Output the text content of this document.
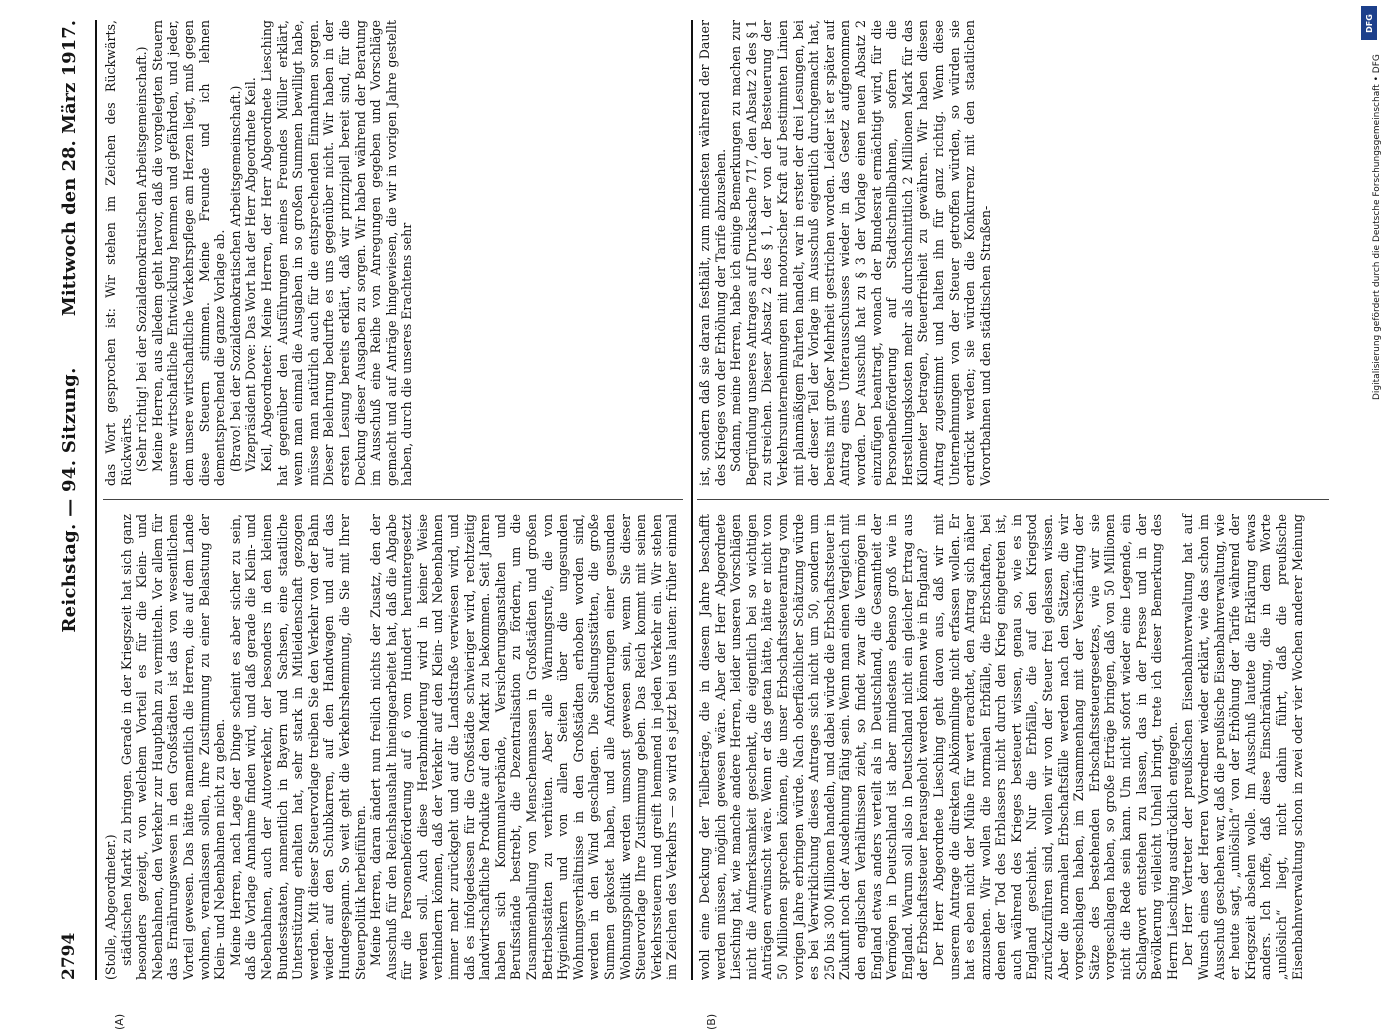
2794
Reichstag. — 94. Sitzung.
Mittwoch den 28. März 1917.
(A)	(B)

(Stolle, Abgeordneter.) städtischen Markt zu bringen. Gerade in der Kriegszeit hat sich ganz besonders gezeigt, von welchem Vorteil es für die Klein- und Nebenbahnen, den Verkehr zur Hauptbahn zu vermitteln. Vor allem für das Ernährungswesen in den Großstädten ist das von wesentlichem Vorteil gewesen. Das hätte namentlich die Herren, die auf dem Lande wohnen, veranlassen sollen, ihre Zustimmung zu einer Belastung der Klein- und Nebenbahnen nicht zu geben. Meine Herren, nach Lage der Dinge scheint es aber sicher zu sein, daß die Vorlage Annahme finden wird, und daß gerade die Klein- und Nebenbahnen, auch der Autoverkehr, der besonders in den kleinen Bundesstaaten, namentlich in Bayern und Sachsen, eine staatliche Unterstützung erhalten hat, sehr stark in Mitleidenschaft gezogen werden. Mit dieser Steuervorlage treiben Sie den Verkehr von der Bahn wieder auf den Schubkarren, auf den Handwagen und auf das Hundegespann. So weit geht die Verkehrshemmung, die Sie mit Ihrer Steuerpolitik herbeiführen. Meine Herren, daran ändert nun freilich nichts der Zusatz, den der Ausschuß für den Reichshaushalt hineingearbeitet hat, daß die Abgabe für die Personenbeförderung auf 6 vom Hundert heruntergesetzt werden soll. Auch diese Herabminderung wird in keiner Weise verhindern können, daß der Verkehr auf den Klein- und Nebenbahnen immer mehr zurückgeht und auf die Landstraße verwiesen wird, und daß es infolgedessen für die Großstädte schwieriger wird, rechtzeitig landwirtschaftliche Produkte auf den Markt zu bekommen. Seit Jahren haben sich Kommunalverbände, Versicherungsanstalten und Berufsstände bestrebt, die Dezentralisation zu fördern, um die Zusammenballung von Menschenmassen in Großstädten und großen Betriebsstätten zu verhüten. Aber alle Warnungsrufe, die von Hygienikern und von allen Seiten über die ungesunden Wohnungsverhältnisse in den Großstädten erhoben worden sind, werden in den Wind geschlagen. Die Siedlungsstätten, die große Summen gekostet haben, und alle Anforderungen einer gesunden Wohnungspolitik werden umsonst gewesen sein, wenn Sie dieser Steuervorlage Ihre Zustimmung geben. Das Reich kommt mit seinen Verkehrssteuern und greift hemmend in jeden Verkehr ein. Wir stehen im Zeichen des Verkehrs — so wird es jetzt bei uns lauten: früher einmal das Wort gesprochen ist: Wir stehen im Zeichen des Rückwärts, Rückwärts. (Sehr richtig! bei der Sozialdemokratischen Arbeitsgemeinschaft.) Meine Herren, aus alledem geht hervor, daß die vorgelegten Steuern unsere wirtschaftliche Entwicklung hemmen und gefährden, und jeder, dem unsere wirtschaftliche Verkehrspflege am Herzen liegt, muß gegen diese Steuern stimmen. Meine Freunde und ich lehnen dementsprechend die ganze Vorlage ab. (Bravo! bei der Sozialdemokratischen Arbeitsgemeinschaft.) Vizepräsident Dove: Das Wort hat der Herr Abgeordnete Keil. Keil, Abgeordneter: Meine Herren, der Herr Abgeordnete Liesching hat gegenüber den Ausführungen meines Freundes Müller erklärt, wenn man einmal die Ausgaben in so großen Summen bewilligt habe, müsse man natürlich auch für die entsprechenden Einnahmen sorgen. Dieser Belehrung bedurfte es uns gegenüber nicht. Wir haben in der ersten Lesung bereits erklärt, daß wir prinzipiell bereit sind, für die Deckung dieser Ausgaben zu sorgen. Wir haben während der Beratung im Ausschuß eine Reihe von Anregungen gegeben und Vorschläge gemacht und auf Anträge hingewiesen, die wir in vorigen Jahre gestellt haben, durch die unseres Erachtens sehr

wohl eine Deckung der Teilbeträge, die in diesem Jahre beschafft werden müssen, möglich gewesen wäre. Aber der Herr Abgeordnete Liesching hat, wie manche andere Herren, leider unseren Vorschlägen nicht die Aufmerksamkeit geschenkt, die eigentlich bei so wichtigen Anträgen erwünscht wäre. Wenn er das getan hätte, hätte er nicht von 50 Millionen sprechen können, die unser Erbschaftssteuerantrag vom vorigen Jahre erbringen würde. Nach oberflächlicher Schätzung würde es bei Verwirklichung dieses Antrages sich nicht um 50, sondern um 250 bis 300 Millionen handeln, und dabei würde die Erbschaftssteuer in Zukunft noch der Ausdehnung fähig sein. Wenn man einen Vergleich mit den englischen Verhältnissen zieht, so findet zwar die Vermögen in England etwas anders verteilt als in Deutschland, die Gesamtheit der Vermögen in Deutschland ist aber mindestens ebenso groß wie in England. Warum soll also in Deutschland nicht ein gleicher Ertrag aus der Erbschaftssteuer herausgeholt werden können wie in England? Der Herr Abgeordnete Liesching geht davon aus, daß wir mit unserem Antrage die direkten Abkömmlinge nicht erfassen wollen. Er hat es eben nicht der Mühe für wert erachtet, den Antrag sich näher anzusehen. Wir wollen die normalen Erbfälle, die Erbschaften, bei denen der Tod des Erblassers nicht durch den Krieg eingetreten ist, auch während des Krieges besteuert wissen, genau so, wie es in England geschieht. Nur die Erbfälle, die auf den Kriegstod zurückzuführen sind, wollen wir von der Steuer frei gelassen wissen. Aber die normalen Erbschaftsfälle werden nach den Sätzen, die wir vorgeschlagen haben, im Zusammenhang mit der Verschärfung der Sätze des bestehenden Erbschaftssteuergesetzes, wie wir sie vorgeschlagen haben, so große Erträge bringen, daß von 50 Millionen nicht die Rede sein kann. Um nicht sofort wieder eine Legende, ein Schlagwort entstehen zu lassen, das in der Presse und in der Bevölkerung vielleicht Unheil bringt, trete ich dieser Bemerkung des Herrn Liesching ausdrücklich entgegen. Der Herr Vertreter der preußischen Eisenbahnverwaltung hat auf Wunsch eines der Herren Vorredner wieder erklärt, wie das schon im Ausschuß geschehen war, daß die preußische Eisenbahnverwaltung, wie er heute sagt, „unlöslich“ von der Erhöhung der Tarife während der Kriegszeit absehen wolle. Im Ausschuß lautete die Erklärung etwas anders. Ich hoffe, daß diese Einschränkung, die in dem Worte „unlöslich“ liegt, nicht dahin führt, daß die preußische Eisenbahnverwaltung schon in zwei oder vier Wochen anderer Meinung ist, sondern daß sie daran festhält, zum mindesten während der Dauer des Krieges von der Erhöhung der Tarife abzusehen. Sodann, meine Herren, habe ich einige Bemerkungen zu machen zur Begründung unseres Antrages auf Drucksache 717, den Absatz 2 des § 1 zu streichen. Dieser Absatz 2 des § 1, der von der Besteuerung der Verkehrsunternehmungen mit motorischer Kraft auf bestimmten Linien mit planmäßigem Fahrten handelt, war in erster der drei Lesungen, bei der dieser Teil der Vorlage im Ausschuß eigentlich durchgemacht hat, bereits mit großer Mehrheit gestrichen worden. Leider ist er später auf Antrag eines Unterausschusses wieder in das Gesetz aufgenommen worden. Der Ausschuß hat zu § 3 der Vorlage einen neuen Absatz 2 einzufügen beantragt, wonach der Bundesrat ermächtigt wird, für die Personenbeförderung auf Stadtschnellbahnen, sofern die Herstellungskosten mehr als durchschnittlich 2 Millionen Mark für das Kilometer betragen, Steuerfreiheit zu gewähren. Wir haben diesen Antrag zugestimmt und halten ihn für ganz richtig. Wenn diese Unternehmungen von der Steuer getroffen würden, so würden sie erdrückt werden; sie würden die Konkurrenz mit den staatlichen Vorortbahnen und den städtischen Straßen-	Digitalisierung gefördert durch die Deutsche Forschungsgemeinschaft • DFG
DFG
